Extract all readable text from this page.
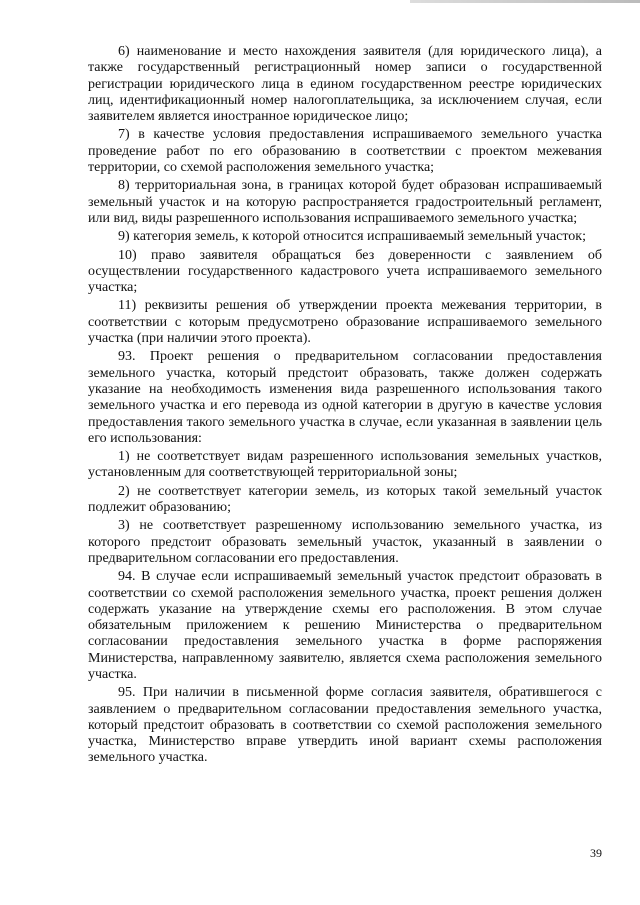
6) наименование и место нахождения заявителя (для юридического лица), а также государственный регистрационный номер записи о государственной регистрации юридического лица в едином государственном реестре юридических лиц, идентификационный номер налогоплательщика, за исключением случая, если заявителем является иностранное юридическое лицо;

7) в качестве условия предоставления испрашиваемого земельного участка проведение работ по его образованию в соответствии с проектом межевания территории, со схемой расположения земельного участка;

8) территориальная зона, в границах которой будет образован испрашиваемый земельный участок и на которую распространяется градостроительный регламент, или вид, виды разрешенного использования испрашиваемого земельного участка;

9) категория земель, к которой относится испрашиваемый земельный участок;

10) право заявителя обращаться без доверенности с заявлением об осуществлении государственного кадастрового учета испрашиваемого земельного участка;

11) реквизиты решения об утверждении проекта межевания территории, в соответствии с которым предусмотрено образование испрашиваемого земельного участка (при наличии этого проекта).

93. Проект решения о предварительном согласовании предоставления земельного участка, который предстоит образовать, также должен содержать указание на необходимость изменения вида разрешенного использования такого земельного участка и его перевода из одной категории в другую в качестве условия предоставления такого земельного участка в случае, если указанная в заявлении цель его использования:

1) не соответствует видам разрешенного использования земельных участков, установленным для соответствующей территориальной зоны;

2) не соответствует категории земель, из которых такой земельный участок подлежит образованию;

3) не соответствует разрешенному использованию земельного участка, из которого предстоит образовать земельный участок, указанный в заявлении о предварительном согласовании его предоставления.

94. В случае если испрашиваемый земельный участок предстоит образовать в соответствии со схемой расположения земельного участка, проект решения должен содержать указание на утверждение схемы его расположения. В этом случае обязательным приложением к решению Министерства о предварительном согласовании предоставления земельного участка в форме распоряжения Министерства, направленному заявителю, является схема расположения земельного участка.

95. При наличии в письменной форме согласия заявителя, обратившегося с заявлением о предварительном согласовании предоставления земельного участка, который предстоит образовать в соответствии со схемой расположения земельного участка, Министерство вправе утвердить иной вариант схемы расположения земельного участка.

39
